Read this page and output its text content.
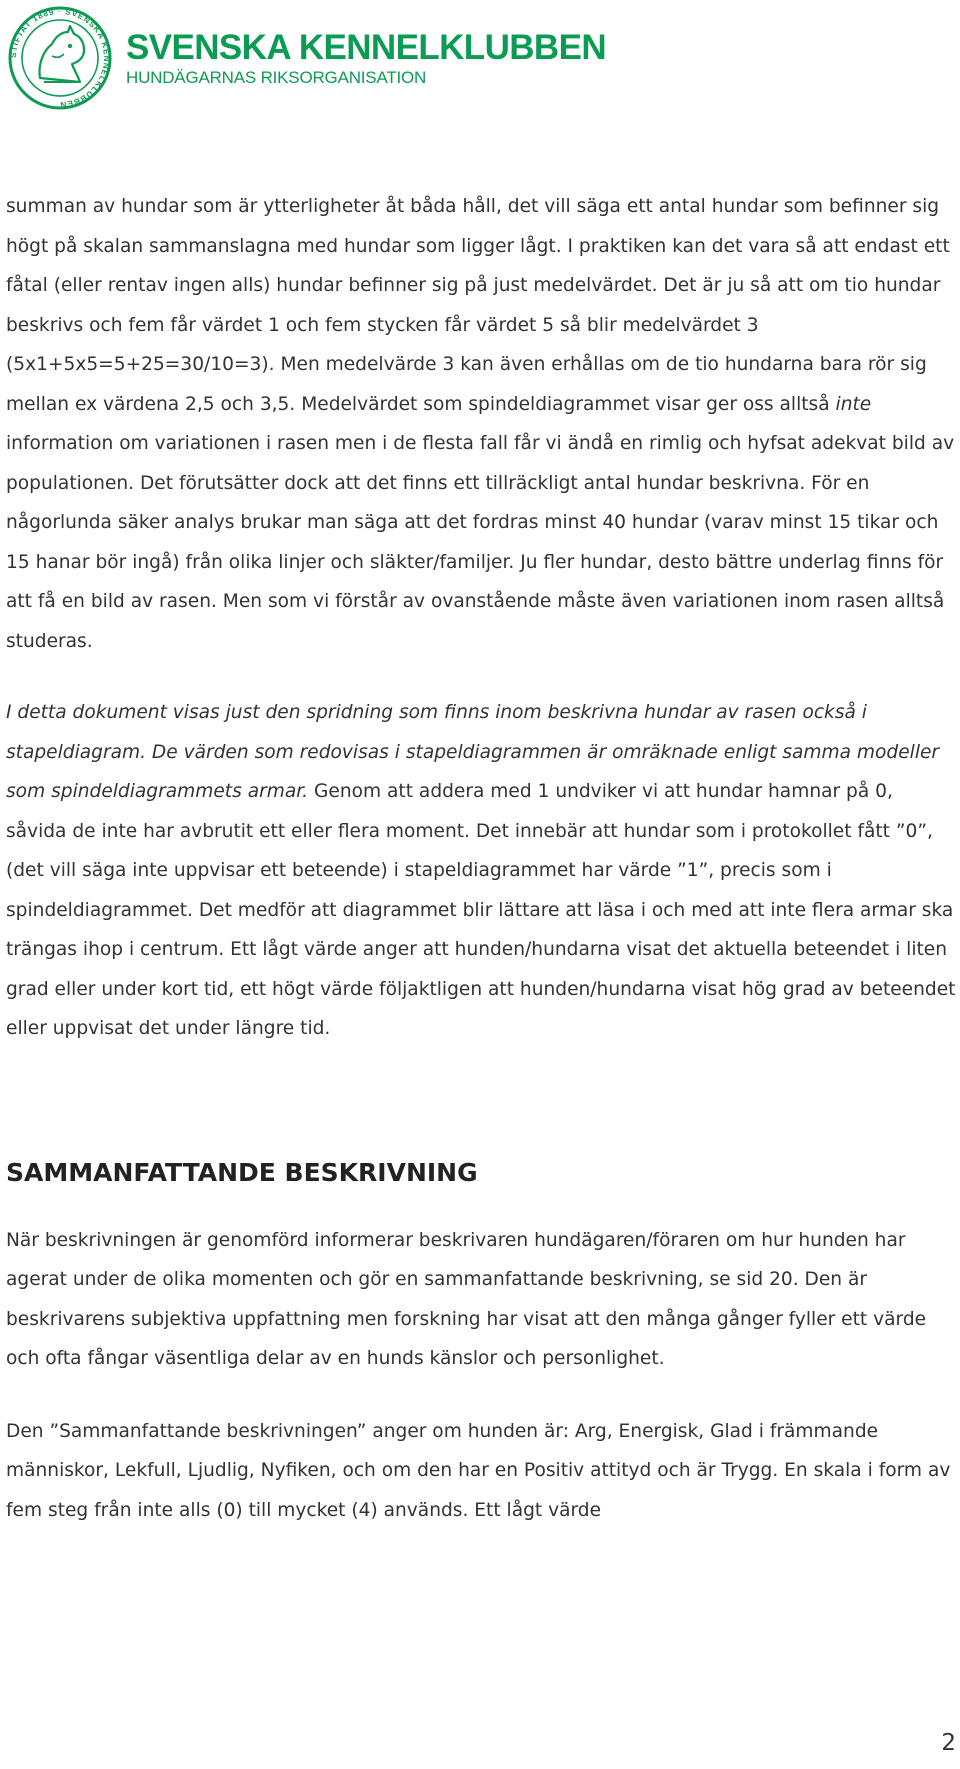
STIFTAT 1889 · SVENSKA KENNELKLUBBEN
SVENSKA KENNELKLUBBEN
HUNDÄGARNAS RIKSORGANISATION

summan av hundar som är ytterligheter åt båda håll, det vill säga ett antal hundar som befinner sig högt på skalan sammanslagna med hundar som ligger lågt. I praktiken kan det vara så att endast ett fåtal (eller rentav ingen alls) hundar befinner sig på just medelvärdet. Det är ju så att om tio hundar beskrivs och fem får värdet 1 och fem stycken får värdet 5 så blir medelvärdet 3 (5x1+5x5=5+25=30/10=3). Men medelvärde 3 kan även erhållas om de tio hundarna bara rör sig mellan ex värdena 2,5 och 3,5. Medelvärdet som spindeldiagrammet visar ger oss alltså inte information om variationen i rasen men i de flesta fall får vi ändå en rimlig och hyfsat adekvat bild av populationen. Det förutsätter dock att det finns ett tillräckligt antal hundar beskrivna. För en någorlunda säker analys brukar man säga att det fordras minst 40 hundar (varav minst 15 tikar och 15 hanar bör ingå) från olika linjer och släkter/familjer. Ju fler hundar, desto bättre underlag finns för att få en bild av rasen. Men som vi förstår av ovanstående måste även variationen inom rasen alltså studeras.

I detta dokument visas just den spridning som finns inom beskrivna hundar av rasen också i stapeldiagram. De värden som redovisas i stapeldiagrammen är omräknade enligt samma modeller som spindeldiagrammets armar. Genom att addera med 1 undviker vi att hundar hamnar på 0, såvida de inte har avbrutit ett eller flera moment. Det innebär att hundar som i protokollet fått ”0”, (det vill säga inte uppvisar ett beteende) i stapeldiagrammet har värde ”1”, precis som i spindeldiagrammet. Det medför att diagrammet blir lättare att läsa i och med att inte flera armar ska trängas ihop i centrum. Ett lågt värde anger att hunden/hundarna visat det aktuella beteendet i liten grad eller under kort tid, ett högt värde följaktligen att hunden/hundarna visat hög grad av beteendet eller uppvisat det under längre tid.

SAMMANFATTANDE BESKRIVNING

När beskrivningen är genomförd informerar beskrivaren hundägaren/föraren om hur hunden har agerat under de olika momenten och gör en sammanfattande beskrivning, se sid 20. Den är beskrivarens subjektiva uppfattning men forskning har visat att den många gånger fyller ett värde och ofta fångar väsentliga delar av en hunds känslor och personlighet.

Den ”Sammanfattande beskrivningen” anger om hunden är: Arg, Energisk, Glad i främmande människor, Lekfull, Ljudlig, Nyfiken, och om den har en Positiv attityd och är Trygg. En skala i form av fem steg från inte alls (0) till mycket (4) används. Ett lågt värde

2
